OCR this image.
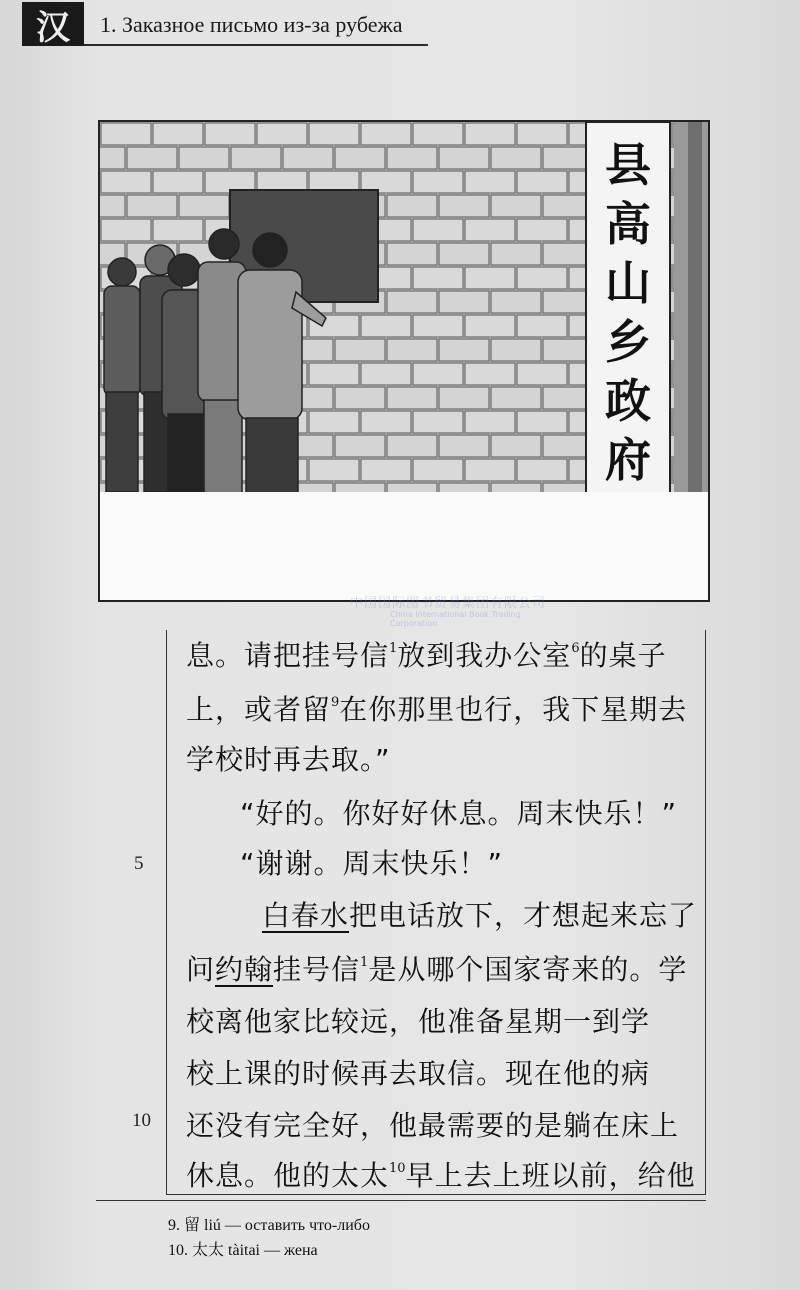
汉	1. Заказное письмо из-за рубежа
县
高
山
乡
政
府
中国国际图书贸易集团有限公司
China International Book Trading Corporation
息。请把挂号信$^1$放到我办公室$^6$的桌子
上，或者留$^9$在你那里也行，我下星期去
学校时再去取。”
“好的。你好好休息。周末快乐！”
“谢谢。周末快乐！”
白春水把电话放下，才想起来忘了
问约翰挂号信$^1$是从哪个国家寄来的。学
校离他家比较远，他准备星期一到学
校上课的时候再去取信。现在他的病
还没有完全好，他最需要的是躺在床上
休息。他的太太$^{10}$早上去上班以前，给他
5
10
9. 留 liú — оставить что-либо
10. 太太 tàitai — жена
